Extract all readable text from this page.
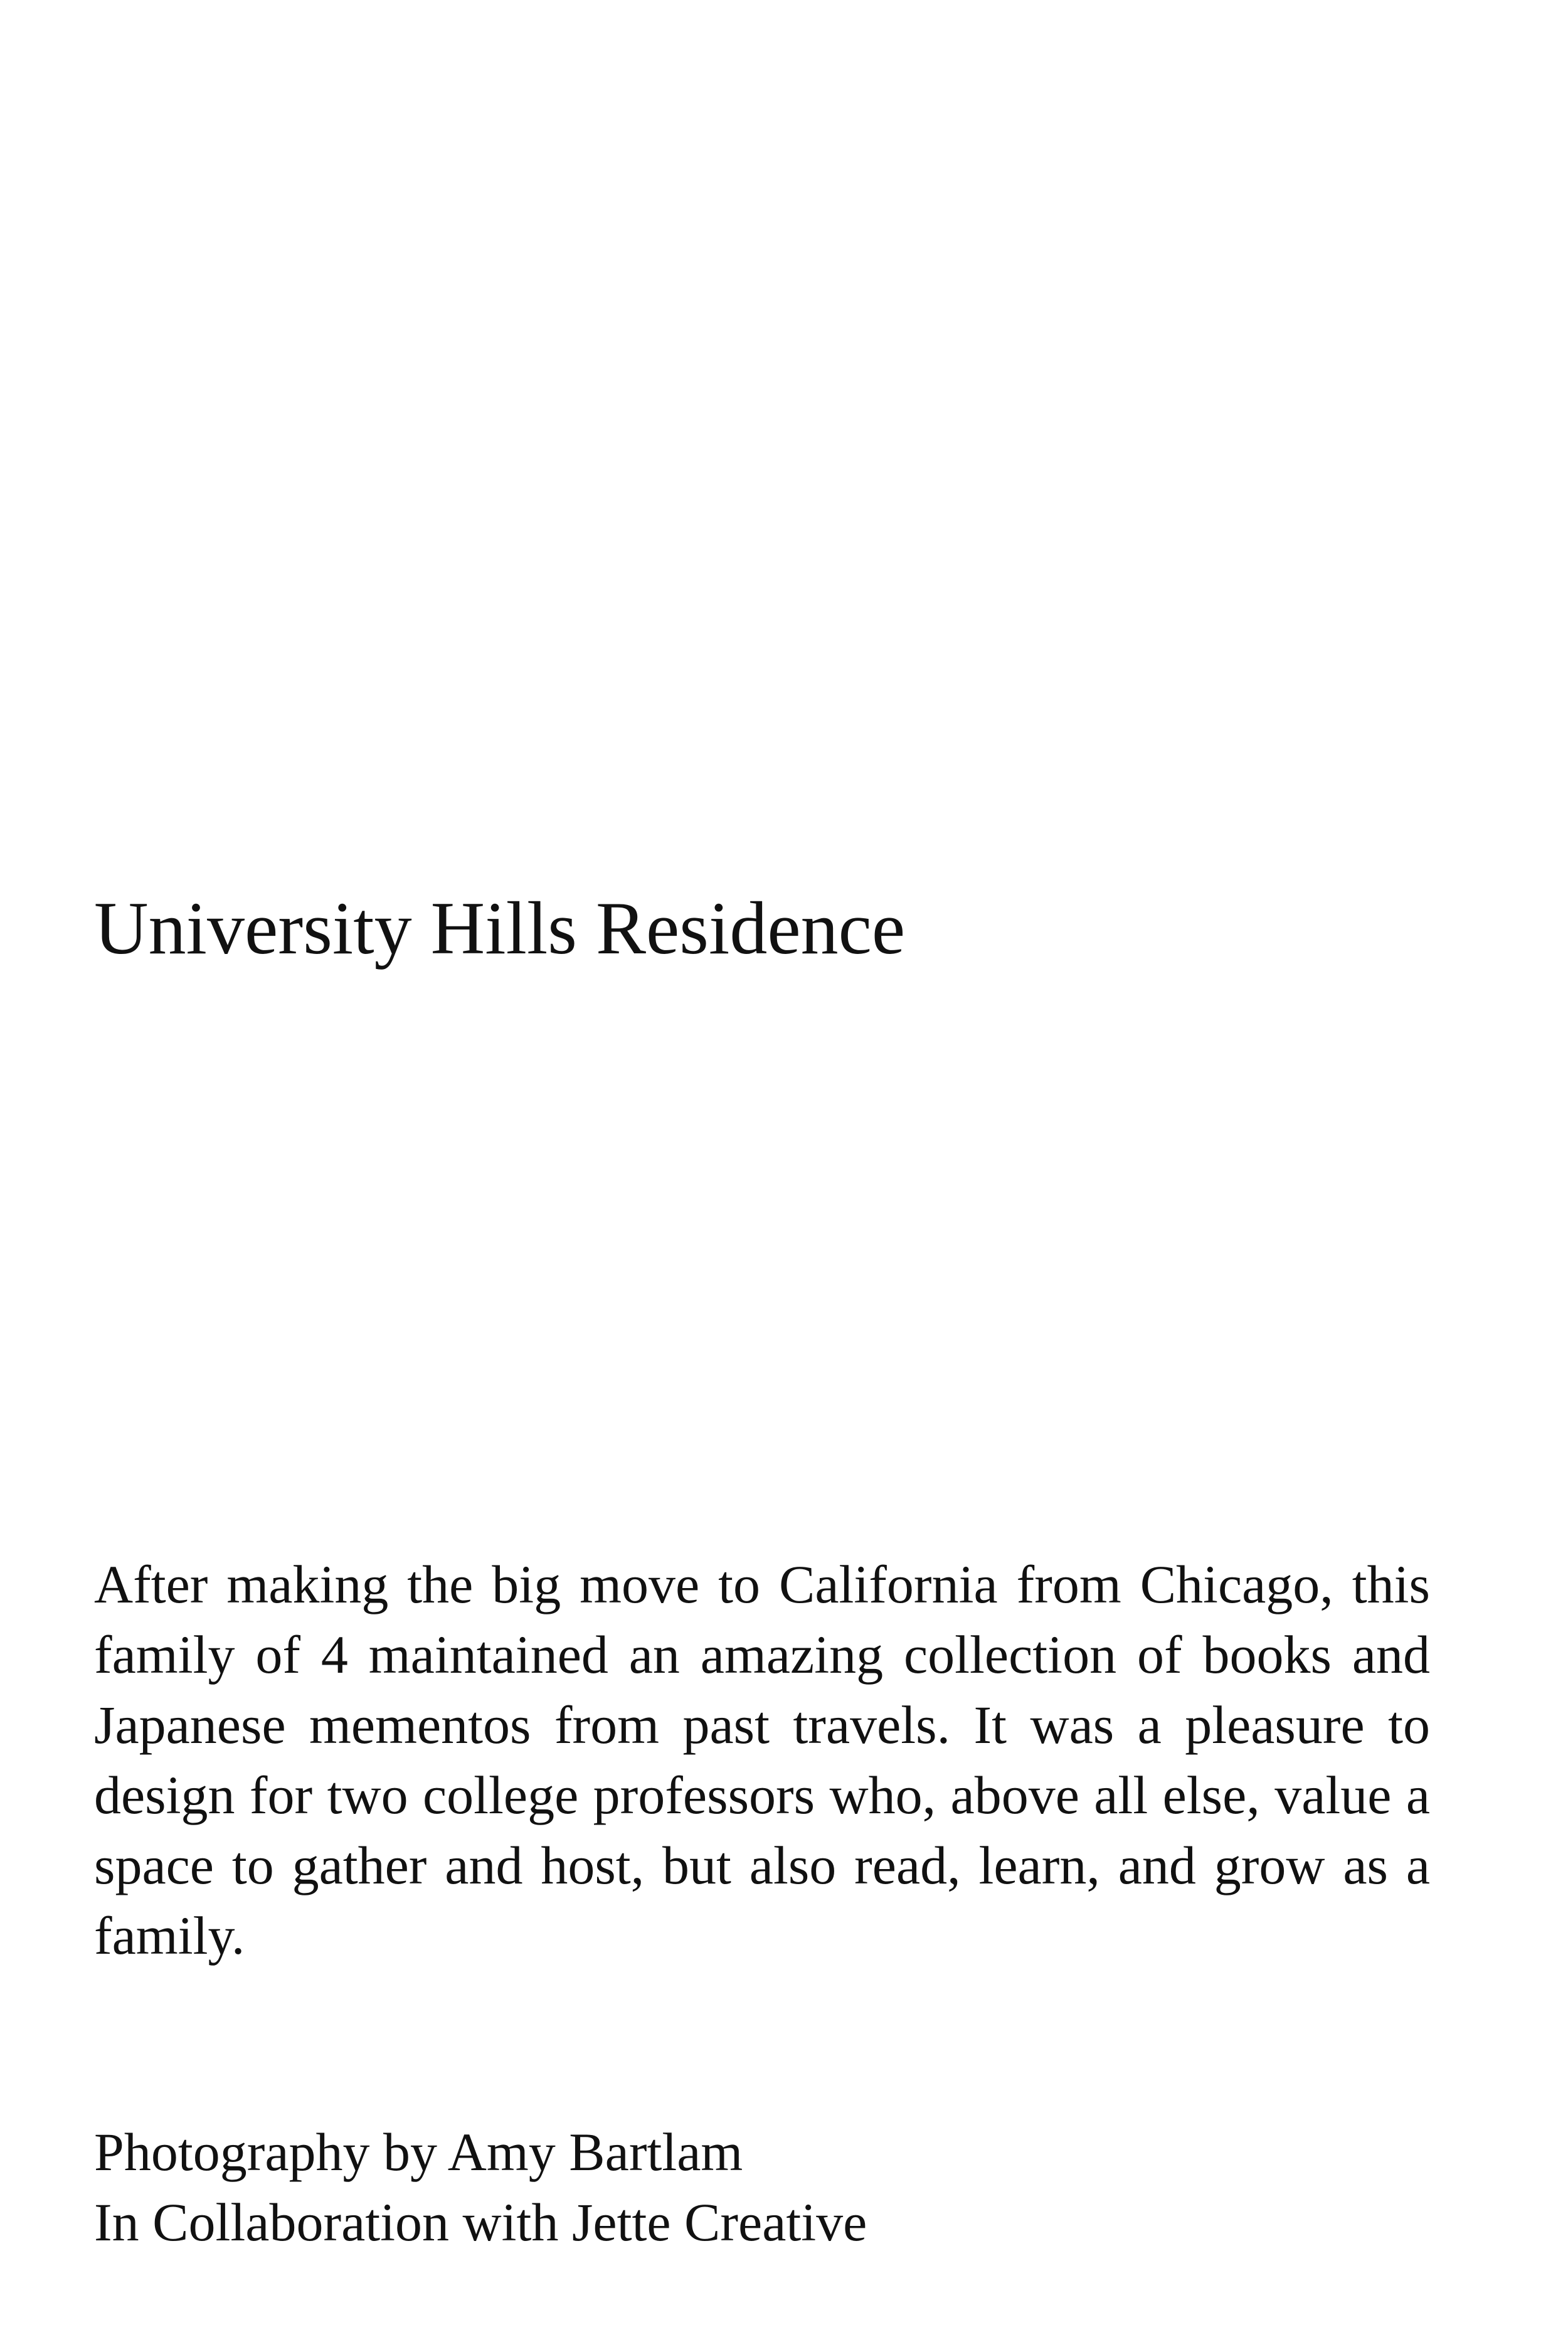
University Hills Residence

After making the big move to California from Chicago, this family of 4 maintained an amazing collection of books and Japanese mementos from past travels. It was a pleasure to design for two college professors who, above all else, value a space to gather and host, but also read, learn, and grow as a family.

Photography by Amy Bartlam
In Collaboration with Jette Creative
